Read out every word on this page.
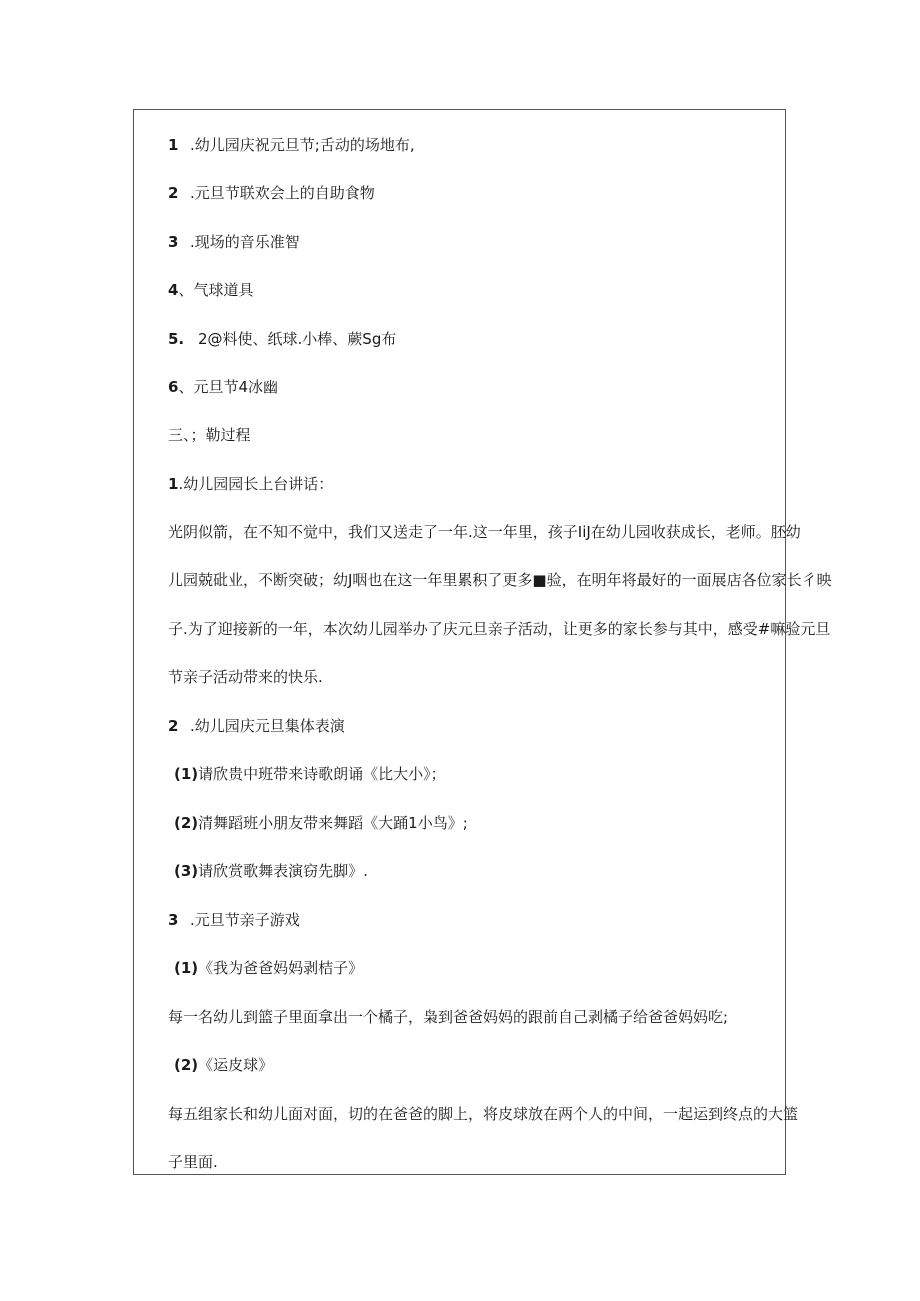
1 .幼儿园庆祝元旦节;舌动的场地布,
2 .元旦节联欢会上的自助食物
3 .现场的音乐准智
4、气球道具
5. 2@料使、纸球.小棒、蕨Sg布
6、元旦节4冰幽
三、；勒过程
1.幼儿园园长上台讲话：
光阴似箭，在不知不觉中，我们又送走了一年.这一年里，孩子IiJ在幼儿园收获成长，老师。胚幼
儿园兢砒业，不断突破；幼J咽也在这一年里累积了更多■验，在明年将最好的一面展店各位家长彳映
子.为了迎接新的一年，本次幼儿园举办了庆元旦亲子活动，让更多的家长参与其中，感受#嘛验元旦
节亲子活动带来的快乐.
2 .幼儿园庆元旦集体表演
(1)请欣贵中班带来诗歌朗诵《比大小》；
(2)清舞蹈班小朋友带来舞蹈《大踊1小鸟》;
(3)请欣赏歌舞表演窃先脚》.
3 .元旦节亲子游戏
(1)《我为爸爸妈妈剥桔子》
每一名幼儿到篮子里面拿出一个橘子，枭到爸爸妈妈的跟前自己剥橘子给爸爸妈妈吃;
(2)《运皮球》
每五组家长和幼儿面对面，切的在爸爸的脚上，将皮球放在两个人的中间，一起运到终点的大篮
子里面.
